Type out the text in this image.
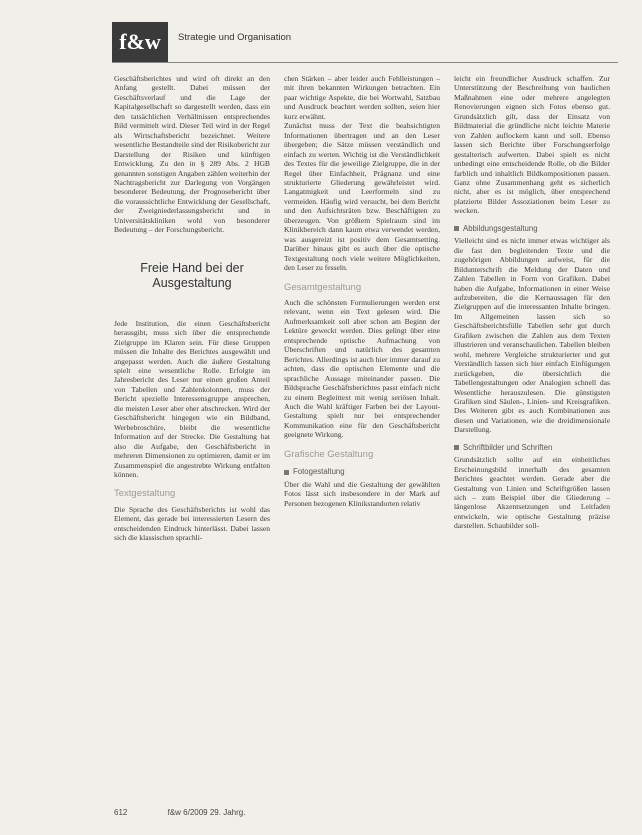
f&w	Strategie und Organisation

Geschäftsberichtes und wird oft direkt an den Anfang gestellt. Dabei müssen der Geschäftsverlauf und die Lage der Kapitalgesellschaft so dargestellt werden, dass ein den tatsächlichen Verhältnissen entsprechendes Bild vermittelt wird. Dieser Teil wird in der Regel als Wirtschaftsbericht bezeichnet. Weitere wesentliche Bestandteile sind der Risikobericht zur Darstellung der Risiken und künftigen Entwicklung. Zu den in § 289 Abs. 2 HGB genannten sonstigen Angaben zählen weiterhin der Nachtragsbericht zur Darlegung von Vorgängen besonderer Bedeutung, der Prognosebericht über die voraussichtliche Entwicklung der Gesellschaft, der Zweigniederlassungsbericht und in Universitätskliniken wohl von besonderer Bedeutung – der Forschungsbericht.

Freie Hand bei der Ausgestaltung

Jede Institution, die einen Geschäftsbericht herausgibt, muss sich über die entsprechende Zielgruppe im Klaren sein. Für diese Gruppen müssen die Inhalte des Berichtes ausgewählt und angepasst werden. Auch die äußere Gestaltung spielt eine wesentliche Rolle. Erfolgte im Jahresbericht des Leser nur einen großen Anteil von Tabellen und Zahlenkolonnen, muss der Bericht spezielle Interessensgruppe ansprechen, die meisten Leser aber eher abschrecken. Wird der Geschäftsbericht hingegen wie ein Bildband, Werbebroschüre, bleibt die wesentliche Information auf der Strecke. Die Gestaltung hat also die Aufgabe, den Geschäftsbericht in mehreren Dimensionen zu optimieren, damit er im Zusammenspiel die angestrebte Wirkung entfalten können.

Textgestaltung

Die Sprache des Geschäftsberichts ist wohl das Element, das gerade bei interessierten Lesern des entscheidenden Eindruck hinterlässt. Dabei lassen sich die klassischen sprachli-

chen Stärken – aber leider auch Fehlleistungen – mit ihren bekannten Wirkungen betrachten. Ein paar wichtige Aspekte, die bei Wortwahl, Satzbau und Ausdruck beachtet werden sollten, seien hier kurz erwähnt.

Zunächst muss der Text die beabsichtigten Informationen übertragen und an den Leser übergeben; die Sätze müssen verständlich und einfach zu werten. Wichtig ist die Verständlichkeit des Textes für die jeweilige Zielgruppe, die in der Regel über Einfachheit, Prägnanz und eine strukturierte Gliederung gewährleistet wird. Langatmigkeit und Leerformeln sind zu vermeiden. Häufig wird versucht, bei dem Bericht und den Aufsichtsräten bzw. Beschäftigten zu überzeugen. Von größtem Spielraum sind im Klinikbereich dann kaum etwa verwendet werden, was ausgereizt ist positiv dem Gesamtsetting. Darüber hinaus gibt es auch über die optische Textgestaltung noch viele weitere Möglichkeiten, den Leser zu fesseln.

Gesamtgestaltung

Auch die schönsten Formulierungen werden erst relevant, wenn ein Text gelesen wird. Die Aufmerksamkeit soll aber schon am Beginn der Lektüre geweckt werden. Dies gelingt über eine entsprechende optische Aufmachung von Überschriften und natürlich des gesamten Berichtes. Allerdings ist auch hier immer darauf zu achten, dass die optischen Elemente und die sprachliche Aussage miteinander passen. Die Bildsprache Geschäftsberichtes passt einfach nicht zu einem Begleittext mit wenig seriösen Inhalt. Auch die Wahl kräftiger Farben bei der Layout-Gestaltung spielt nur bei entsprechender Kommunikation eine für den Geschäftsbericht geeignete Wirkung.

Grafische Gestaltung
Fotogestaltung

Über die Wahl und die Gestaltung der gewählten Fotos lässt sich insbesondere in der Mark auf Personen bezogenen Klinikstandorten relativ

leicht ein freundlicher Ausdruck schaffen. Zur Unterstützung der Beschreibung von baulichen Maßnahmen eine oder mehrere angelegten Renovierungen eignen sich Fotos ebenso gut. Grundsätzlich gilt, dass der Einsatz von Bildmaterial die gründliche nicht leichte Materie von Zahlen auflockern kann und soll. Ebenso lassen sich Berichte über Forschungserfolge gestalterisch aufwerten. Dabei spielt es nicht unbedingt eine entscheidende Rolle, ob die Bilder farblich und inhaltlich Bildkompositionen passen. Ganz ohne Zusammenhang geht es sicherlich nicht, aber es ist möglich, über entsprechend platzierte Bilder Assoziationen beim Leser zu wecken.

Abbildungsgestaltung

Vielleicht sind es nicht immer etwas wichtiger als die fast den begleitenden Texte und die zugehörigen Abbildungen aufweist, für die Bildunterschrift die Meldung der Daten und Zahlen Tabellen in Form von Grafiken. Dabei haben die Aufgabe, Informationen in einer Weise aufzubereiten, die die Kernaussagen für den Zielgruppen auf die interessanten Inhalte bringen. Im Allgemeinen lassen sich so Geschäftsberichtsfülle Tabellen sehr gut durch Grafiken zwischen die Zahlen aus dem Texten illustrieren und veranschaulichen. Tabellen bleiben wohl, mehrere Vergleiche strukturierter und gut Verständlich lassen sich hier einfach Einfügungen zurückgeben, die übersichtlich die Tabellengestaltungen oder Analogien schnell das Wesentliche herauszulesen. Die günstigsten Grafiken sind Säulen-, Linien- und Kreisgrafiken. Des Weiteren gibt es auch Kombinationen aus diesen und Variationen, wie die dreidimensionale Darstellung.

Schriftbilder und Schriften

Grundsätzlich sollte auf ein einheitliches Erscheinungsbild innerhalb des gesamten Berichtes geachtet werden. Gerade aber die Gestaltung von Linien und Schriftgrößen lassen sich – zum Beispiel über die Gliederung – längenlose Akzentsetzungen und Leitfaden entwickeln, wie optische Gestaltung präzise darstellen. Schaubilder soll-

612	f&w 6/2009 29. Jahrg.
